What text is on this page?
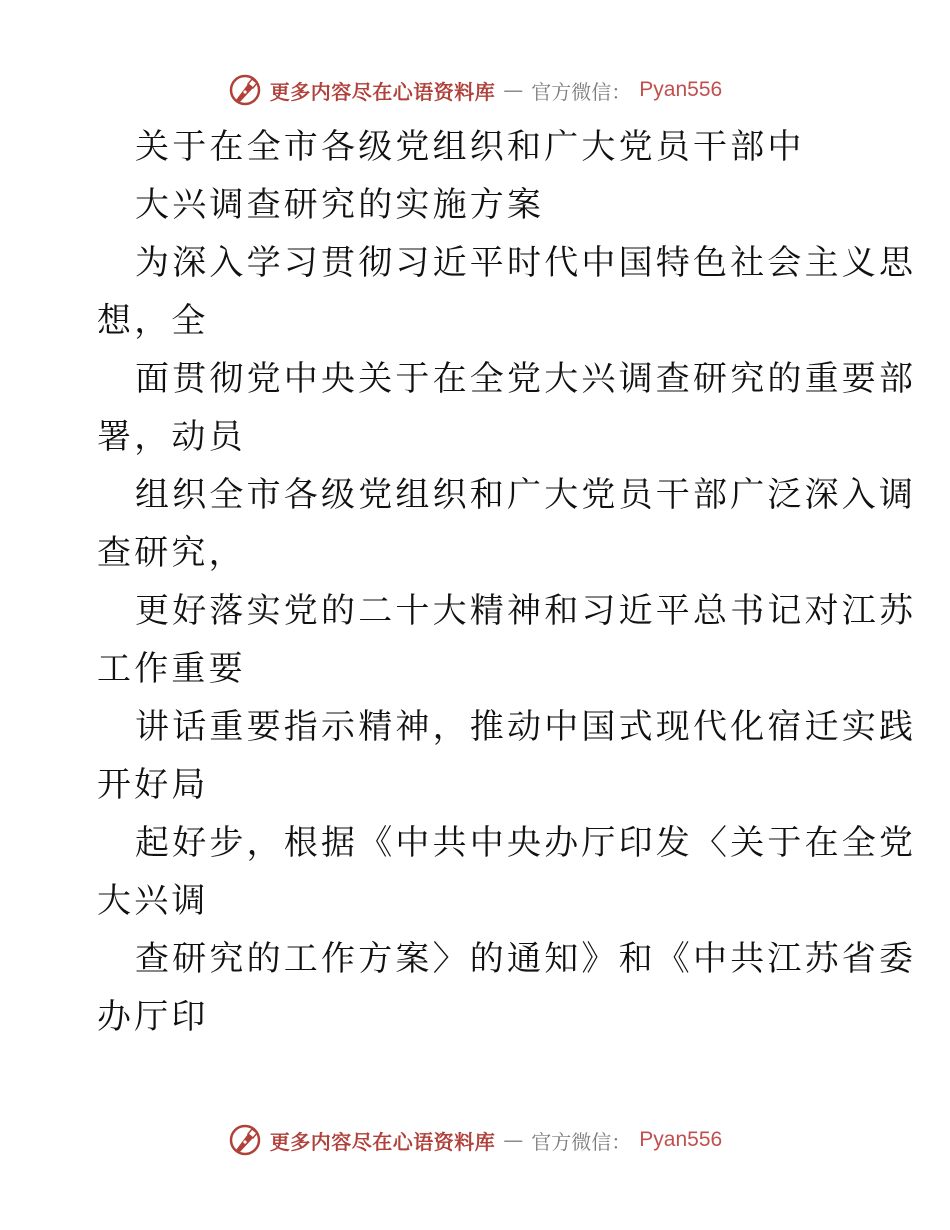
更多内容尽在心语资料库 — 官方微信： Pyan556
关于在全市各级党组织和广大党员干部中
大兴调查研究的实施方案
为深入学习贯彻习近平时代中国特色社会主义思
想，全
面贯彻党中央关于在全党大兴调查研究的重要部
署，动员
组织全市各级党组织和广大党员干部广泛深入调
查研究，
更好落实党的二十大精神和习近平总书记对江苏
工作重要
讲话重要指示精神，推动中国式现代化宿迁实践
开好局
起好步，根据《中共中央办厅印发〈关于在全党
大兴调
查研究的工作方案〉的通知》和《中共江苏省委
办厅印
更多内容尽在心语资料库 — 官方微信： Pyan556
